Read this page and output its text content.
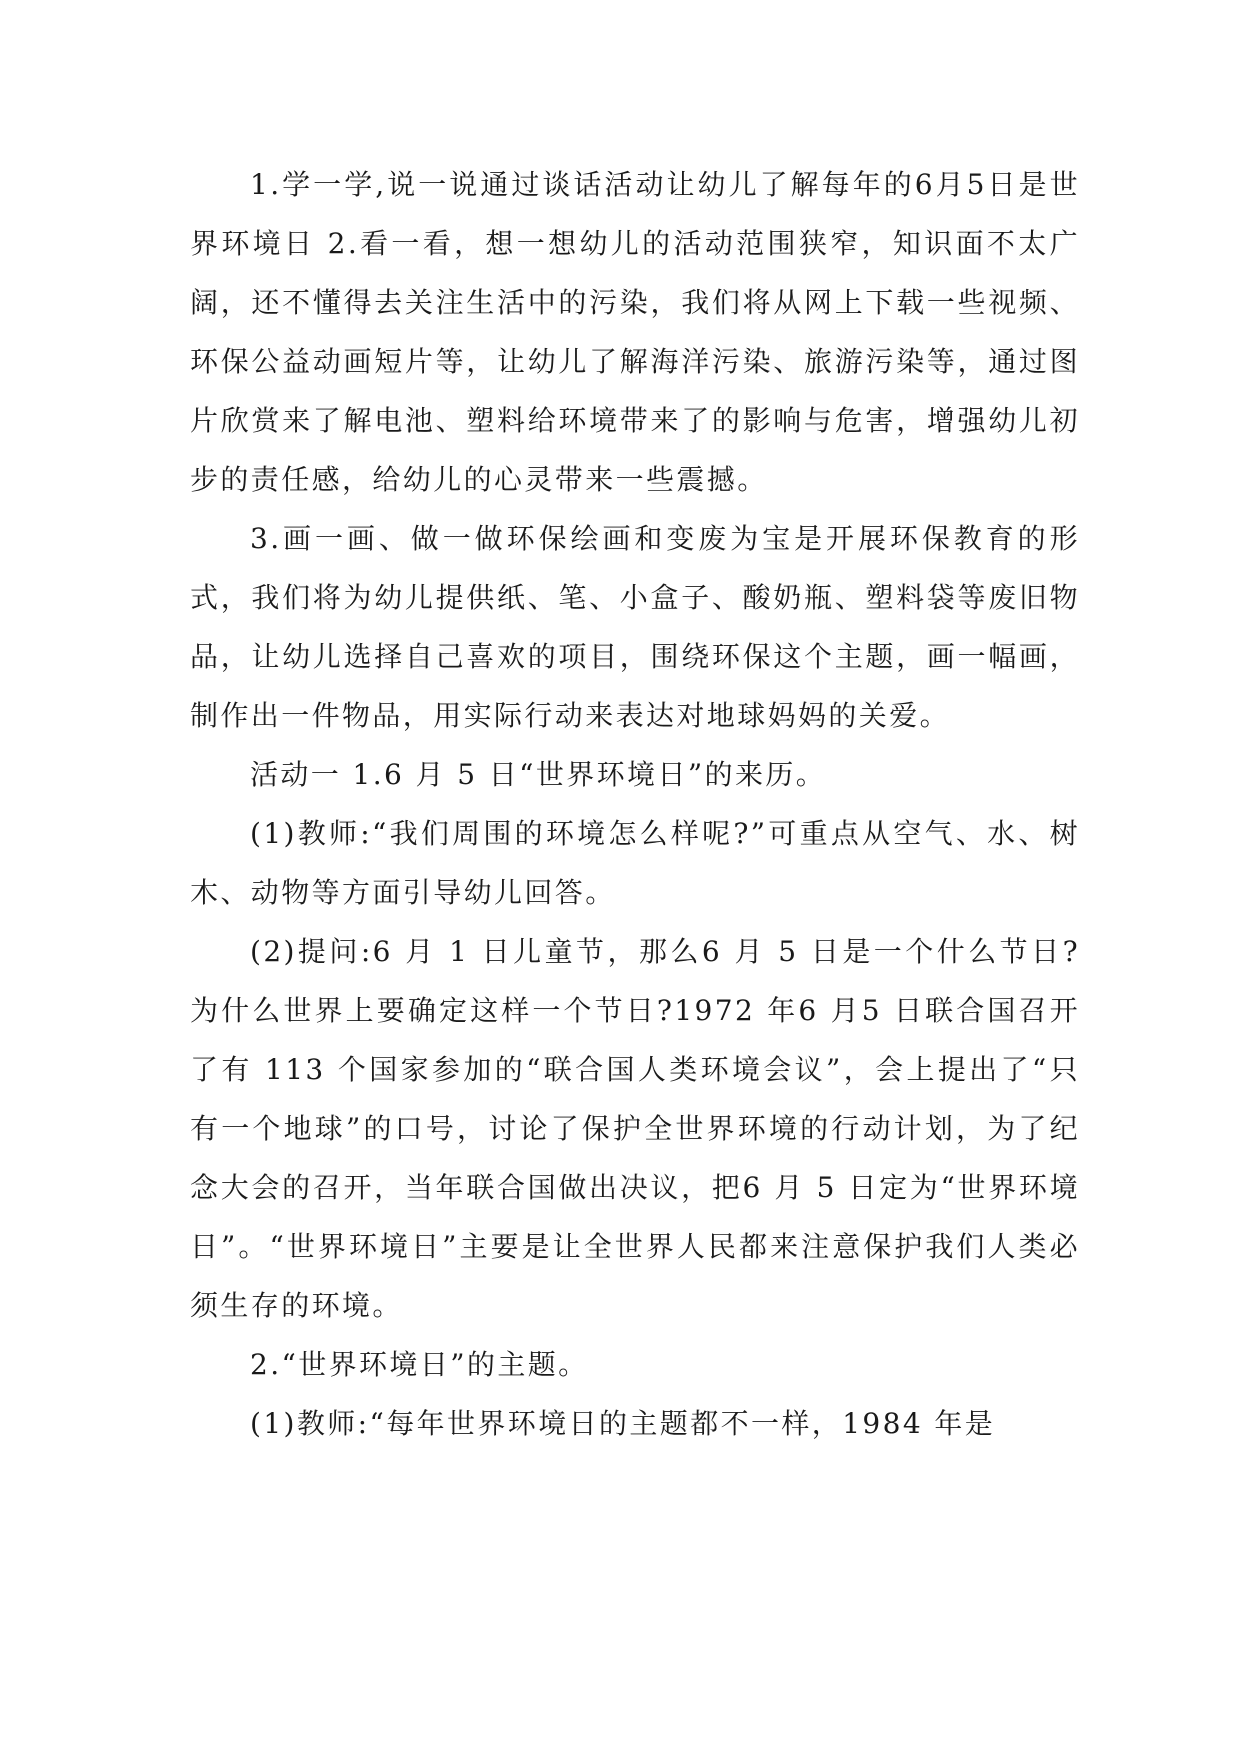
1.学一学,说一说通过谈话活动让幼儿了解每年的6月5日是世界环境日 2.看一看，想一想幼儿的活动范围狭窄，知识面不太广阔，还不懂得去关注生活中的污染，我们将从网上下载一些视频、环保公益动画短片等，让幼儿了解海洋污染、旅游污染等，通过图片欣赏来了解电池、塑料给环境带来了的影响与危害，增强幼儿初步的责任感，给幼儿的心灵带来一些震撼。

3.画一画、做一做环保绘画和变废为宝是开展环保教育的形式，我们将为幼儿提供纸、笔、小盒子、酸奶瓶、塑料袋等废旧物品，让幼儿选择自己喜欢的项目，围绕环保这个主题，画一幅画，制作出一件物品，用实际行动来表达对地球妈妈的关爱。

活动一 1.6 月 5 日“世界环境日”的来历。

(1)教师:“我们周围的环境怎么样呢?”可重点从空气、水、树木、动物等方面引导幼儿回答。

(2)提问:6 月 1 日儿童节，那么6 月 5 日是一个什么节日?为什么世界上要确定这样一个节日?1972 年6 月5 日联合国召开了有 113 个国家参加的“联合国人类环境会议”，会上提出了“只有一个地球”的口号，讨论了保护全世界环境的行动计划，为了纪念大会的召开，当年联合国做出决议，把6 月 5 日定为“世界环境日”。“世界环境日”主要是让全世界人民都来注意保护我们人类必须生存的环境。

2.“世界环境日”的主题。

(1)教师:“每年世界环境日的主题都不一样，1984 年是
